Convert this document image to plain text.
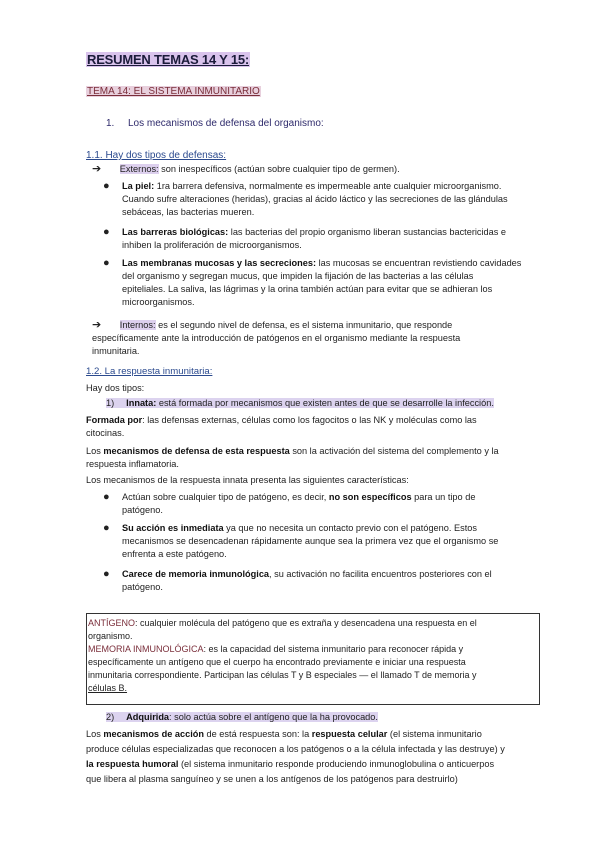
RESUMEN TEMAS 14 Y 15:
TEMA 14: EL SISTEMA INMUNITARIO
1. Los mecanismos de defensa del organismo:
1.1. Hay dos tipos de defensas:
➔ Externos: son inespecíficos (actúan sobre cualquier tipo de germen).
● La piel: 1ra barrera defensiva, normalmente es impermeable ante cualquier microorganismo.
Cuando sufre alteraciones (heridas), gracias al ácido láctico y las secreciones de las glándulas
sebáceas, las bacterias mueren.
● Las barreras biológicas: las bacterias del propio organismo liberan sustancias bactericidas e
inhiben la proliferación de microorganismos.
● Las membranas mucosas y las secreciones: las mucosas se encuentran revistiendo cavidades
del organismo y segregan mucus, que impiden la fijación de las bacterias a las células
epiteliales. La saliva, las lágrimas y la orina también actúan para evitar que se adhieran los
microorganismos.
➔ Internos: es el segundo nivel de defensa, es el sistema inmunitario, que responde
específicamente ante la introducción de patógenos en el organismo mediante la respuesta
inmunitaria.
1.2. La respuesta inmunitaria:
Hay dos tipos:
1) Innata: está formada por mecanismos que existen antes de que se desarrolle la infección.
Formada por: las defensas externas, células como los fagocitos o las NK y moléculas como las
citocinas.
Los mecanismos de defensa de esta respuesta son la activación del sistema del complemento y la
respuesta inflamatoria.
Los mecanismos de la respuesta innata presenta las siguientes características:
● Actúan sobre cualquier tipo de patógeno, es decir, no son específicos para un tipo de
patógeno.
● Su acción es inmediata ya que no necesita un contacto previo con el patógeno. Estos
mecanismos se desencadenan rápidamente aunque sea la primera vez que el organismo se
enfrenta a este patógeno.
● Carece de memoria inmunológica, su activación no facilita encuentros posteriores con el
patógeno.
ANTÍGENO: cualquier molécula del patógeno que es extraña y desencadena una respuesta en el
organismo.
MEMORIA INMUNOLÓGICA: es la capacidad del sistema inmunitario para reconocer rápida y
específicamente un antígeno que el cuerpo ha encontrado previamente e iniciar una respuesta
inmunitaria correspondiente. Participan las células T y B especiales — el llamado T de memoria y
células B.
2) Adquirida: solo actúa sobre el antígeno que la ha provocado.
Los mecanismos de acción de está respuesta son: la respuesta celular (el sistema inmunitario
produce células especializadas que reconocen a los patógenos o a la célula infectada y las destruye) y
la respuesta humoral (el sistema inmunitario responde produciendo inmunoglobulina o anticuerpos
que libera al plasma sanguíneo y se unen a los antígenos de los patógenos para destruirlo)
